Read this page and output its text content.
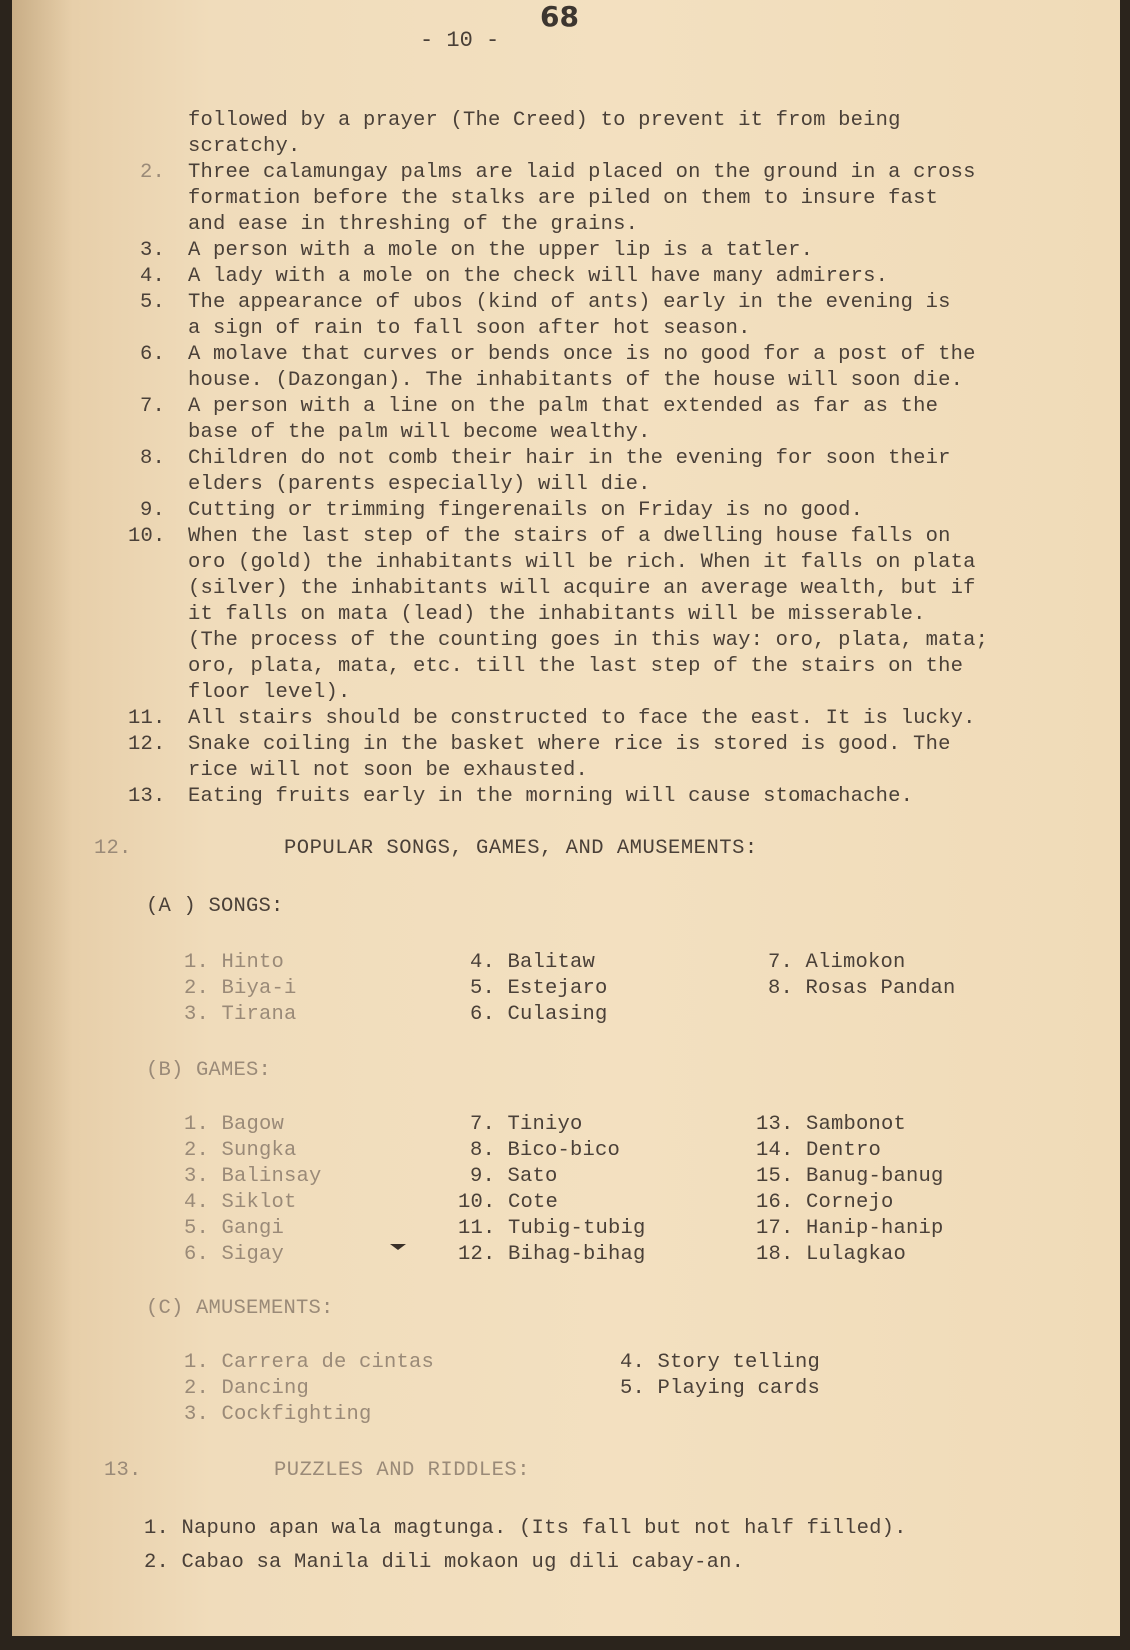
68
- 10 -
followed by a prayer (The Creed) to prevent it from being
scratchy.
2. Three calamungay palms are laid placed on the ground in a cross
formation before the stalks are piled on them to insure fast
and ease in threshing of the grains.
3. A person with a mole on the upper lip is a tatler.
4. A lady with a mole on the check will have many admirers.
5. The appearance of ubos (kind of ants) early in the evening is
a sign of rain to fall soon after hot season.
6. A molave that curves or bends once is no good for a post of the
house. (Dazongan). The inhabitants of the house will soon die.
7. A person with a line on the palm that extended as far as the
base of the palm will become wealthy.
8. Children do not comb their hair in the evening for soon their
elders (parents especially) will die.
9. Cutting or trimming fingerenails on Friday is no good.
10. When the last step of the stairs of a dwelling house falls on
oro (gold) the inhabitants will be rich. When it falls on plata
(silver) the inhabitants will acquire an average wealth, but if
it falls on mata (lead) the inhabitants will be misserable.
(The process of the counting goes in this way: oro, plata, mata;
oro, plata, mata, etc. till the last step of the stairs on the
floor level).
11. All stairs should be constructed to face the east. It is lucky.
12. Snake coiling in the basket where rice is stored is good. The
rice will not soon be exhausted.
13. Eating fruits early in the morning will cause stomachache.
12.	POPULAR SONGS, GAMES, AND AMUSEMENTS:
(A ) SONGS:
1. Hinto
2. Biya-i
3. Tirana
4. Balitaw
5. Estejaro
6. Culasing
7. Alimokon
8. Rosas Pandan
(B) GAMES:
1. Bagow
2. Sungka
3. Balinsay
4. Siklot
5. Gangi
6. Sigay
7. Tiniyo
8. Bico-bico
9. Sato
10. Cote
11. Tubig-tubig
12. Bihag-bihag
13. Sambonot
14. Dentro
15. Banug-banug
16. Cornejo
17. Hanip-hanip
18. Lulagkao
(C) AMUSEMENTS:
1. Carrera de cintas
2. Dancing
3. Cockfighting
4. Story telling
5. Playing cards
13.	PUZZLES AND RIDDLES:
1. Napuno apan wala magtunga. (Its fall but not half filled).
2. Cabao sa Manila dili mokaon ug dili cabay-an.
